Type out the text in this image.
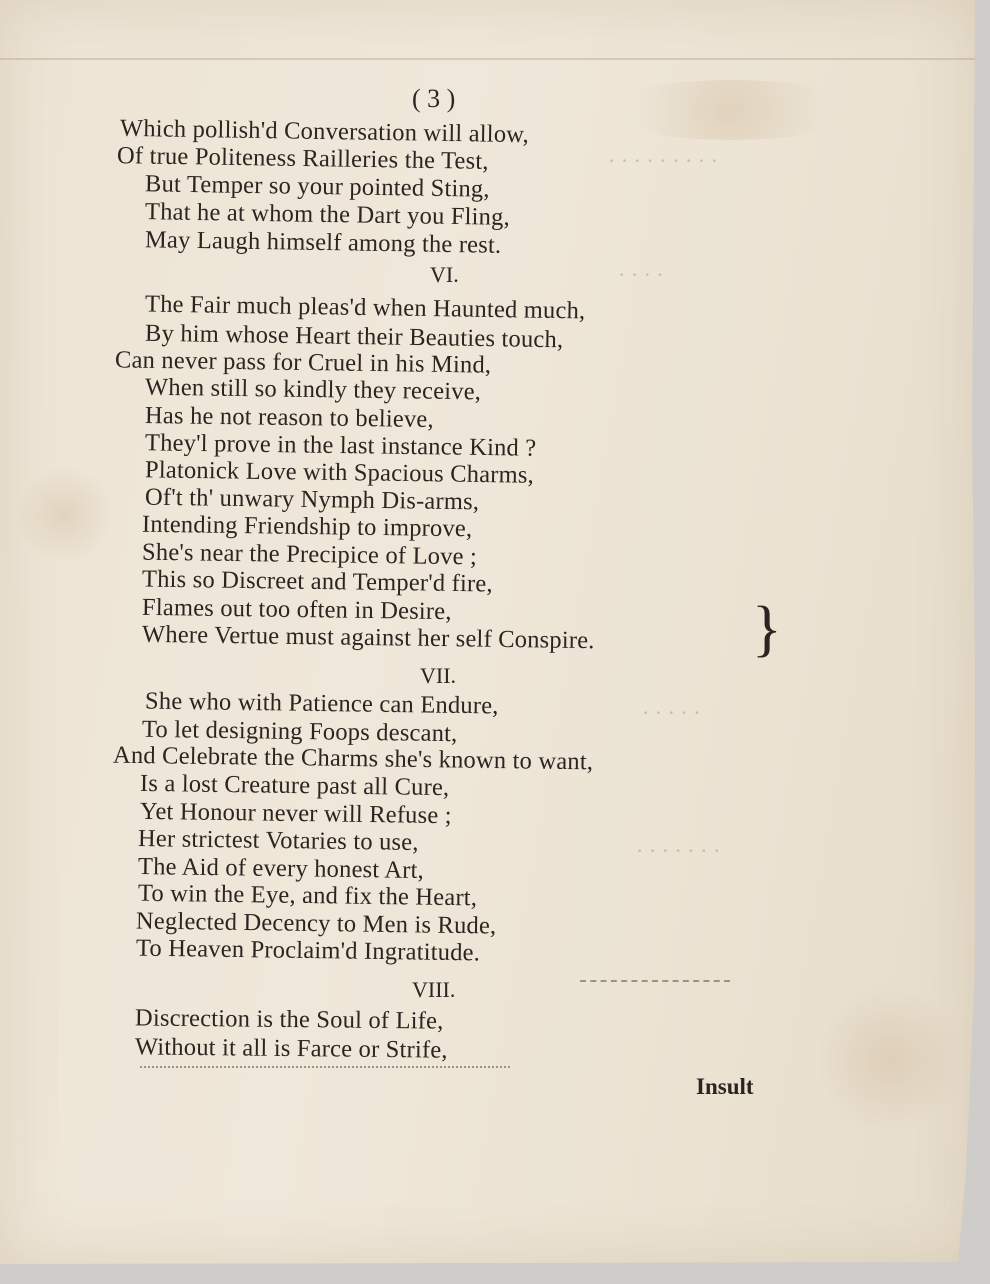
· · · · · · · · ·
· · · ·
· · · · ·
· · · · · · ·
( 3 )
Which pollish'd Conversation will allow,
Of true Politeness Railleries the Test,
But Temper so your pointed Sting,
That he at whom the Dart you Fling,
May Laugh himself among the rest.
VI.
The Fair much pleas'd when Haunted much,
By him whose Heart their Beauties touch,
Can never pass for Cruel in his Mind,
When still so kindly they receive,
Has he not reason to believe,
They'l prove in the last instance Kind ?
Platonick Love with Spacious Charms,
Of't th' unwary Nymph Dis-arms,
Intending Friendship to improve,
She's near the Precipice of Love ;
This so Discreet and Temper'd fire,
Flames out too often in Desire,
Where Vertue must against her self Conspire.	}
VII.
She who with Patience can Endure,
To let designing Foops descant,
And Celebrate the Charms she's known to want,
Is a lost Creature past all Cure,
Yet Honour never will Refuse ;
Her strictest Votaries to use,
The Aid of every honest Art,
To win the Eye, and fix the Heart,
Neglected Decency to Men is Rude,
To Heaven Proclaim'd Ingratitude.
VIII.
Discrection is the Soul of Life,
Without it all is Farce or Strife,
Insult
